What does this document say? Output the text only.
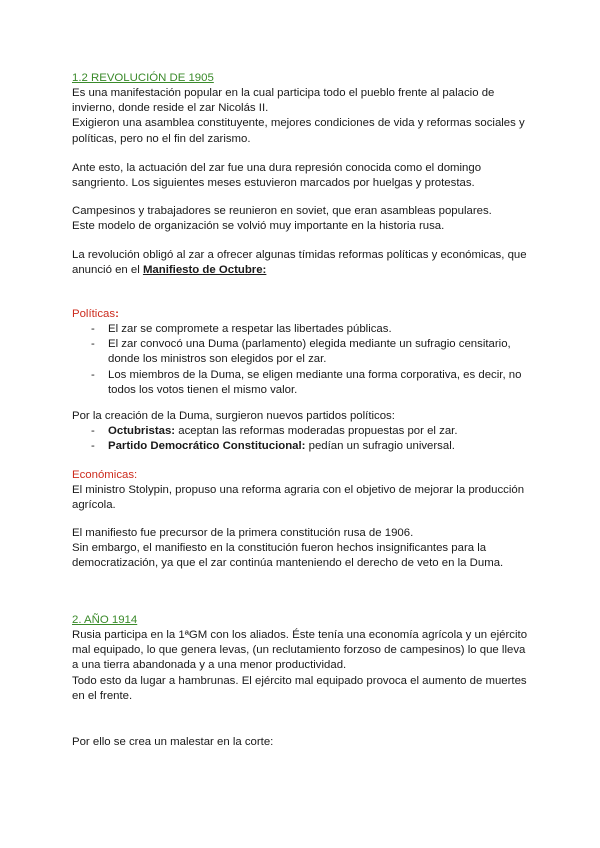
1.2 REVOLUCIÓN DE 1905

Es una manifestación popular en la cual participa todo el pueblo frente al palacio de invierno, donde reside el zar Nicolás II.

Exigieron una asamblea constituyente, mejores condiciones de vida y reformas sociales y políticas, pero no el fin del zarismo.

Ante esto, la actuación del zar fue una dura represión conocida como el domingo sangriento. Los siguientes meses estuvieron marcados por huelgas y protestas.

Campesinos y trabajadores se reunieron en soviet, que eran asambleas populares.

Este modelo de organización se volvió muy importante en la historia rusa.

La revolución obligó al zar a ofrecer algunas tímidas reformas políticas y económicas, que anunció en el Manifiesto de Octubre:
Políticas:
- El zar se compromete a respetar las libertades públicas.
- El zar convocó una Duma (parlamento) elegida mediante un sufragio censitario, donde los ministros son elegidos por el zar.
- Los miembros de la Duma, se eligen mediante una forma corporativa, es decir, no todos los votos tienen el mismo valor.
Por la creación de la Duma, surgieron nuevos partidos políticos:
- Octubristas: aceptan las reformas moderadas propuestas por el zar.
- Partido Democrático Constitucional: pedían un sufragio universal.
Económicas:
El ministro Stolypin, propuso una reforma agraria con el objetivo de mejorar la producción agrícola.

El manifiesto fue precursor de la primera constitución rusa de 1906.

Sin embargo, el manifiesto en la constitución fueron hechos insignificantes para la democratización, ya que el zar continúa manteniendo el derecho de veto en la Duma.

2. AÑO 1914

Rusia participa en la 1ªGM con los aliados. Éste tenía una economía agrícola y un ejército mal equipado, lo que genera levas, (un reclutamiento forzoso de campesinos) lo que lleva a una tierra abandonada y a una menor productividad.

Todo esto da lugar a hambrunas. El ejército mal equipado provoca el aumento de muertes en el frente.

Por ello se crea un malestar en la corte:
